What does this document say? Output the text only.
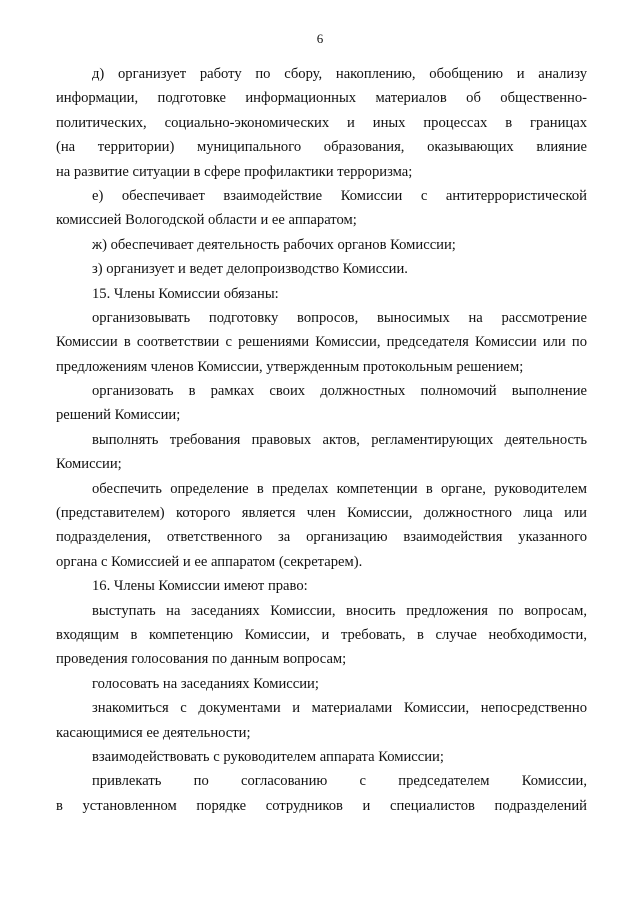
6
д) организует работу по сбору, накоплению, обобщению и анализу
информации, подготовке информационных материалов об общественно-
политических, социально-экономических и иных процессах в границах
(на территории) муниципального образования, оказывающих влияние
на развитие ситуации в сфере профилактики терроризма;
е) обеспечивает взаимодействие Комиссии с антитеррористической
комиссией Вологодской области и ее аппаратом;
ж) обеспечивает деятельность рабочих органов Комиссии;
з) организует и ведет делопроизводство Комиссии.
15. Члены Комиссии обязаны:
организовывать подготовку вопросов, выносимых на рассмотрение
Комиссии в соответствии с решениями Комиссии, председателя Комиссии или по
предложениям членов Комиссии, утвержденным протокольным решением;
организовать в рамках своих должностных полномочий выполнение
решений Комиссии;
выполнять требования правовых актов, регламентирующих деятельность
Комиссии;
обеспечить определение в пределах компетенции в органе, руководителем
(представителем) которого является член Комиссии, должностного лица или
подразделения, ответственного за организацию взаимодействия указанного
органа с Комиссией и ее аппаратом (секретарем).
16. Члены Комиссии имеют право:
выступать на заседаниях Комиссии, вносить предложения по вопросам,
входящим в компетенцию Комиссии, и требовать, в случае необходимости,
проведения голосования по данным вопросам;
голосовать на заседаниях Комиссии;
знакомиться с документами и материалами Комиссии, непосредственно
касающимися ее деятельности;
взаимодействовать с руководителем аппарата Комиссии;
привлекать по согласованию с председателем Комиссии,
в установленном порядке сотрудников и специалистов подразделений
